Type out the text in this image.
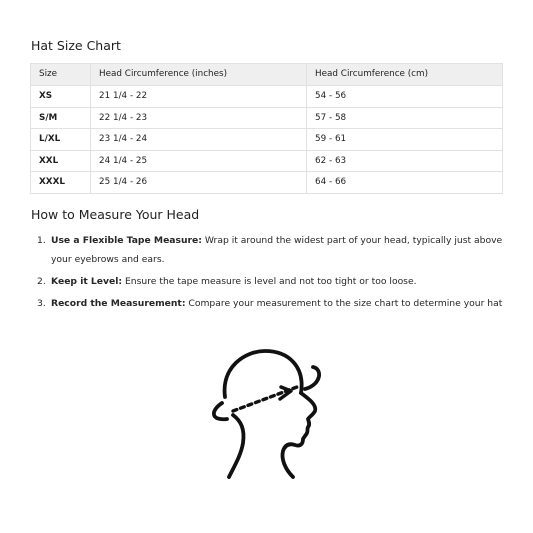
Hat Size Chart
Size	Head Circumference (inches)	Head Circumference (cm)
XS	21 1/4 - 22	54 - 56
S/M	22 1/4 - 23	57 - 58
L/XL	23 1/4 - 24	59 - 61
XXL	24 1/4 - 25	62 - 63
XXXL	25 1/4 - 26	64 - 66
How to Measure Your Head
1. Use a Flexible Tape Measure: Wrap it around the widest part of your head, typically just above your eyebrows and ears.
2. Keep it Level: Ensure the tape measure is level and not too tight or too loose.
3. Record the Measurement: Compare your measurement to the size chart to determine your hat
